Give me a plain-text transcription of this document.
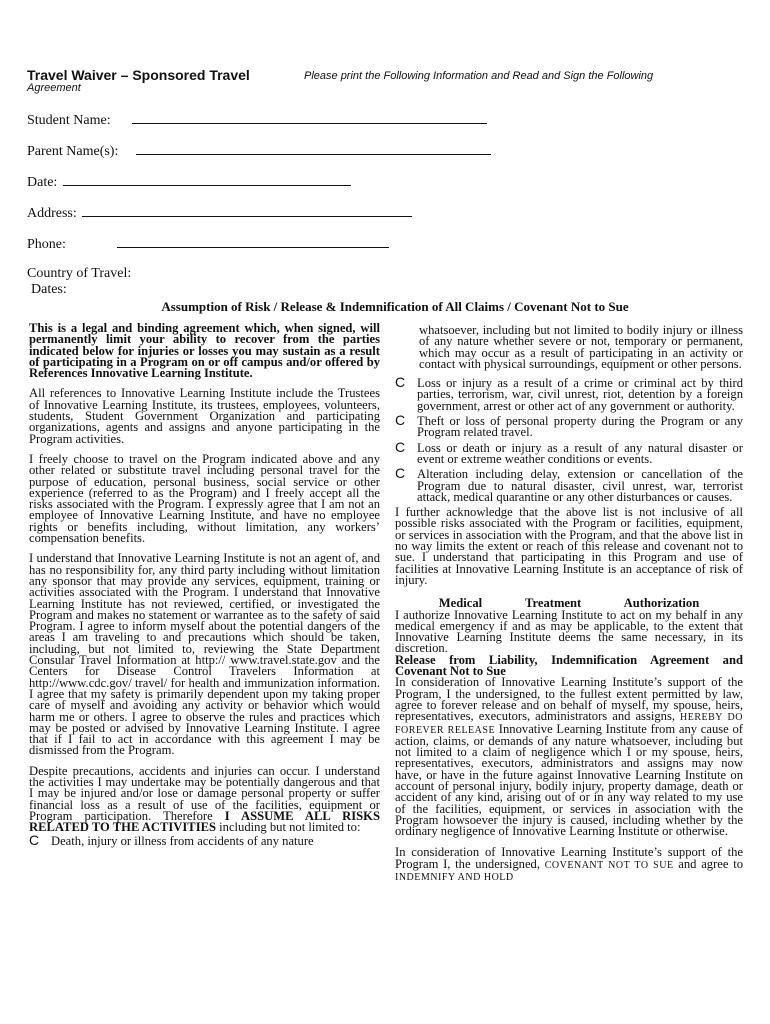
Travel Waiver – Sponsored Travel
Agreement
Please print the Following Information and Read and Sign the Following
Student Name:
Parent Name(s):
Date:
Address:
Phone:
Country of Travel:
Dates:
Assumption of Risk / Release & Indemnification of All Claims / Covenant Not to Sue

This is a legal and binding agreement which, when signed, will permanently limit your ability to recover from the parties indicated below for injuries or losses you may sustain as a result of participating in a Program on or off campus and/or offered by References Innovative Learning Institute.

All references to Innovative Learning Institute include the Trustees of Innovative Learning Institute, its trustees, employees, volunteers, students, Student Government Organization and participating organizations, agents and assigns and anyone participating in the Program activities.

I freely choose to travel on the Program indicated above and any other related or substitute travel including personal travel for the purpose of education, personal business, social service or other experience (referred to as the Program) and I freely accept all the risks associated with the Program. I expressly agree that I am not an employee of Innovative Learning Institute, and have no employee rights or benefits including, without limitation, any workers’ compensation benefits.

I understand that Innovative Learning Institute is not an agent of, and has no responsibility for, any third party including without limitation any sponsor that may provide any services, equipment, training or activities associated with the Program. I understand that Innovative Learning Institute has not reviewed, certified, or investigated the Program and makes no statement or warrantee as to the safety of said Program. I agree to inform myself about the potential dangers of the areas I am traveling to and precautions which should be taken, including, but not limited to, reviewing the State Department Consular Travel Information at http:// www.travel.state.gov and the Centers for Disease Control Travelers Information at http://www.cdc.gov/ travel/ for health and immunization information. I agree that my safety is primarily dependent upon my taking proper care of myself and avoiding any activity or behavior which would harm me or others. I agree to observe the rules and practices which may be posted or advised by Innovative Learning Institute. I agree that if I fail to act in accordance with this agreement I may be dismissed from the Program.

Despite precautions, accidents and injuries can occur. I understand the activities I may undertake may be potentially dangerous and that I may be injured and/or lose or damage personal property or suffer financial loss as a result of use of the facilities, equipment or Program participation. Therefore I ASSUME ALL RISKS RELATED TO THE ACTIVITIES including but not limited to:

C Death, injury or illness from accidents of any nature

whatsoever, including but not limited to bodily injury or illness of any nature whether severe or not, temporary or permanent, which may occur as a result of participating in an activity or contact with physical surroundings, equipment or other persons.

C Loss or injury as a result of a crime or criminal act by third parties, terrorism, war, civil unrest, riot, detention by a foreign government, arrest or other act of any government or authority.
C Theft or loss of personal property during the Program or any Program related travel.
C Loss or death or injury as a result of any natural disaster or event or extreme weather conditions or events.
C Alteration including delay, extension or cancellation of the Program due to natural disaster, civil unrest, war, terrorist attack, medical quarantine or any other disturbances or causes.

I further acknowledge that the above list is not inclusive of all possible risks associated with the Program or facilities, equipment, or services in association with the Program, and that the above list in no way limits the extent or reach of this release and covenant not to sue. I understand that participating in this Program and use of facilities at Innovative Learning Institute is an acceptance of risk of injury.

Medical Treatment Authorization

I authorize Innovative Learning Institute to act on my behalf in any medical emergency if and as may be applicable, to the extent that Innovative Learning Institute deems the same necessary, in its discretion.

Release from Liability, Indemnification Agreement and Covenant Not to Sue

In consideration of Innovative Learning Institute’s support of the Program, I the undersigned, to the fullest extent permitted by law, agree to forever release and on behalf of myself, my spouse, heirs, representatives, executors, administrators and assigns, HEREBY DO FOREVER RELEASE Innovative Learning Institute from any cause of action, claims, or demands of any nature whatsoever, including but not limited to a claim of negligence which I or my spouse, heirs, representatives, executors, administrators and assigns may now have, or have in the future against Innovative Learning Institute on account of personal injury, bodily injury, property damage, death or accident of any kind, arising out of or in any way related to my use of the facilities, equipment, or services in association with the Program howsoever the injury is caused, including whether by the ordinary negligence of Innovative Learning Institute or otherwise.

In consideration of Innovative Learning Institute’s support of the Program I, the undersigned, COVENANT NOT TO SUE and agree to INDEMNIFY AND HOLD
